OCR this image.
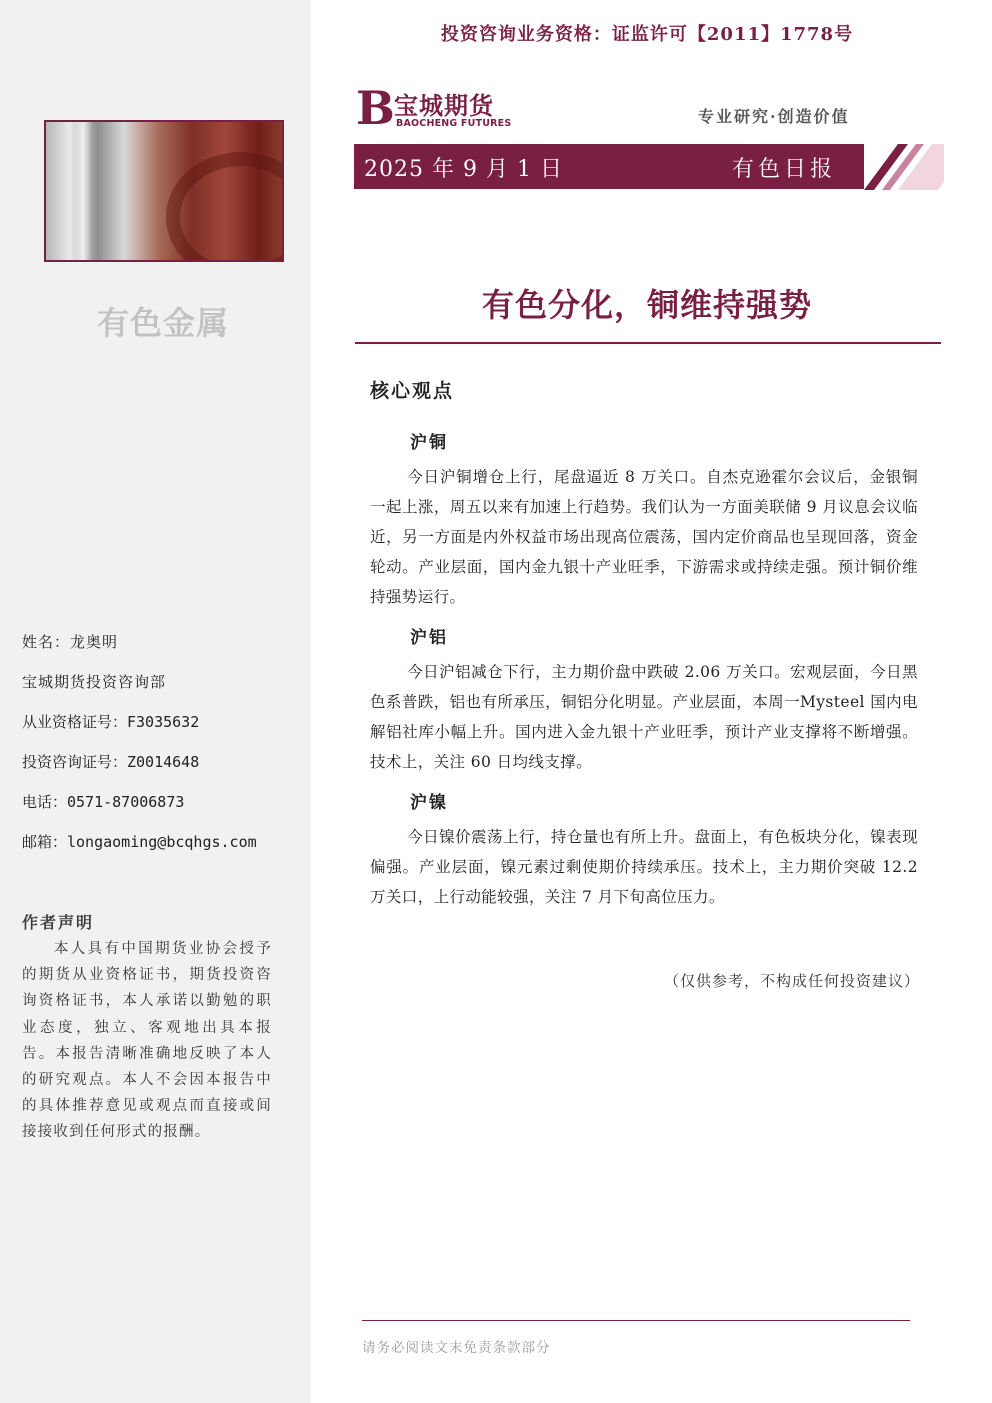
有色金属
姓名：龙奥明
宝城期货投资咨询部
从业资格证号：F3035632
投资咨询证号：Z0014648
电话：0571-87006873
邮箱：longaoming@bcqhgs.com
作者声明
本人具有中国期货业协会授予的期货从业资格证书，期货投资咨询资格证书，本人承诺以勤勉的职业态度，独立、客观地出具本报告。本报告清晰准确地反映了本人的研究观点。本人不会因本报告中的具体推荐意见或观点而直接或间接接收到任何形式的报酬。
投资咨询业务资格：证监许可【2011】1778号
B 宝城期货
BAOCHENG FUTURES	专业研究·创造价值
2025 年 9 月 1 日	有色日报
有色分化，铜维持强势
核心观点
沪铜
今日沪铜增仓上行，尾盘逼近 8 万关口。自杰克逊霍尔会议后，金银铜一起上涨，周五以来有加速上行趋势。我们认为一方面美联储 9 月议息会议临近，另一方面是内外权益市场出现高位震荡，国内定价商品也呈现回落，资金轮动。产业层面，国内金九银十产业旺季，下游需求或持续走强。预计铜价维持强势运行。
沪铝
今日沪铝减仓下行，主力期价盘中跌破 2.06 万关口。宏观层面，今日黑色系普跌，铝也有所承压，铜铝分化明显。产业层面，本周一Mysteel 国内电解铝社库小幅上升。国内进入金九银十产业旺季，预计产业支撑将不断增强。技术上，关注 60 日均线支撑。
沪镍
今日镍价震荡上行，持仓量也有所上升。盘面上，有色板块分化，镍表现偏强。产业层面，镍元素过剩使期价持续承压。技术上，主力期价突破 12.2 万关口，上行动能较强，关注 7 月下旬高位压力。
（仅供参考，不构成任何投资建议）
请务必阅读文末免责条款部分
